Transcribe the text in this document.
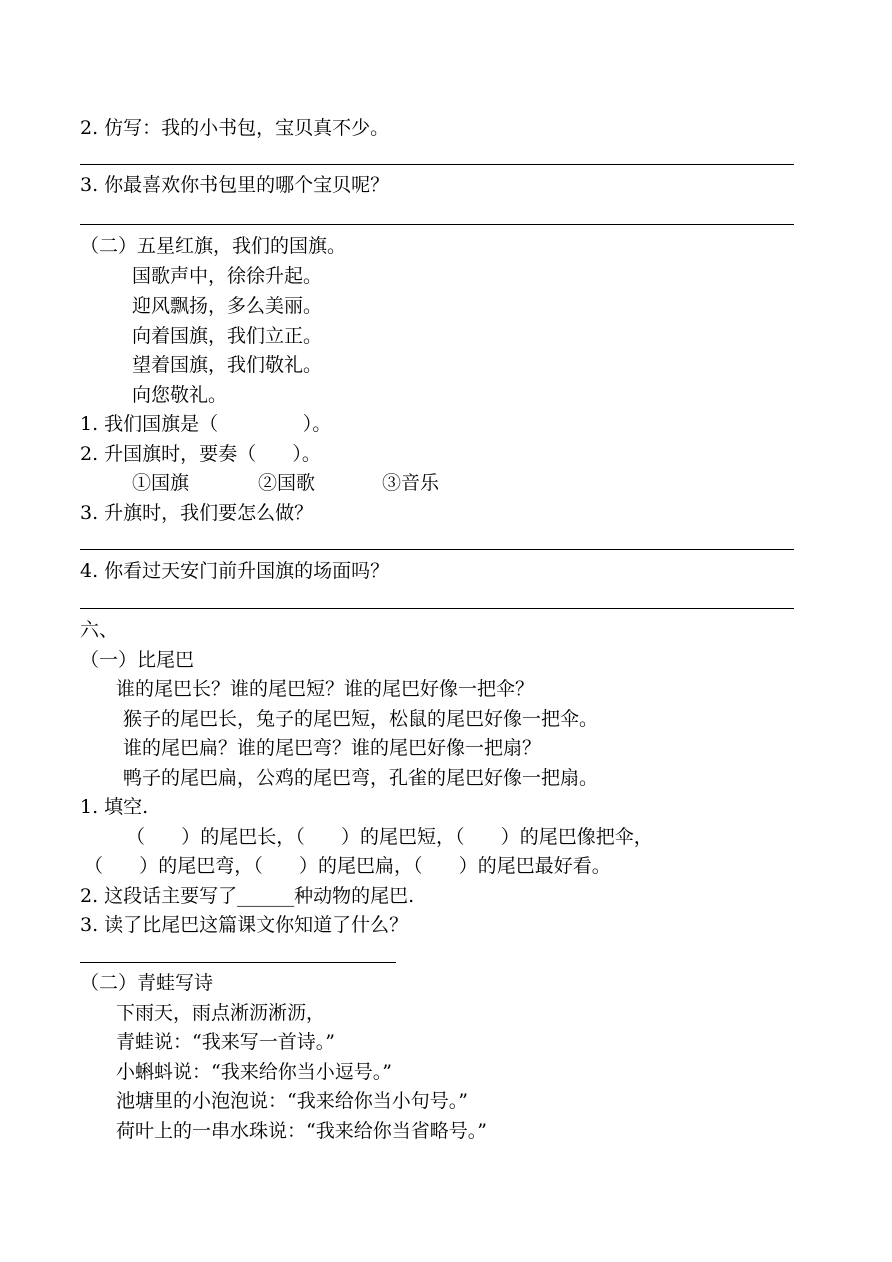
2. 仿写：我的小书包，宝贝真不少。

3. 你最喜欢你书包里的哪个宝贝呢？

（二）五星红旗，我们的国旗。

国歌声中，徐徐升起。

迎风飘扬，多么美丽。

向着国旗，我们立正。

望着国旗，我们敬礼。

向您敬礼。

1. 我们国旗是（              ）。

2. 升国旗时，要奏（      ）。

①国旗	②国歌	③音乐

3. 升旗时，我们要怎么做？

4. 你看过天安门前升国旗的场面吗？

六、

（一）比尾巴

谁的尾巴长？谁的尾巴短？谁的尾巴好像一把伞？

猴子的尾巴长，兔子的尾巴短，松鼠的尾巴好像一把伞。

谁的尾巴扁？谁的尾巴弯？谁的尾巴好像一把扇？

鸭子的尾巴扁，公鸡的尾巴弯，孔雀的尾巴好像一把扇。

1. 填空.

（      ）的尾巴长，（      ）的尾巴短，（      ）的尾巴像把伞，

（      ）的尾巴弯，（      ）的尾巴扁，（      ）的尾巴最好看。

2. 这段话主要写了______种动物的尾巴.

3. 读了比尾巴这篇课文你知道了什么？

（二）青蛙写诗

下雨天，雨点淅沥淅沥，

青蛙说：“我来写一首诗。”

小蝌蚪说：“我来给你当小逗号。”

池塘里的小泡泡说：“我来给你当小句号。”

荷叶上的一串水珠说：“我来给你当省略号。”
